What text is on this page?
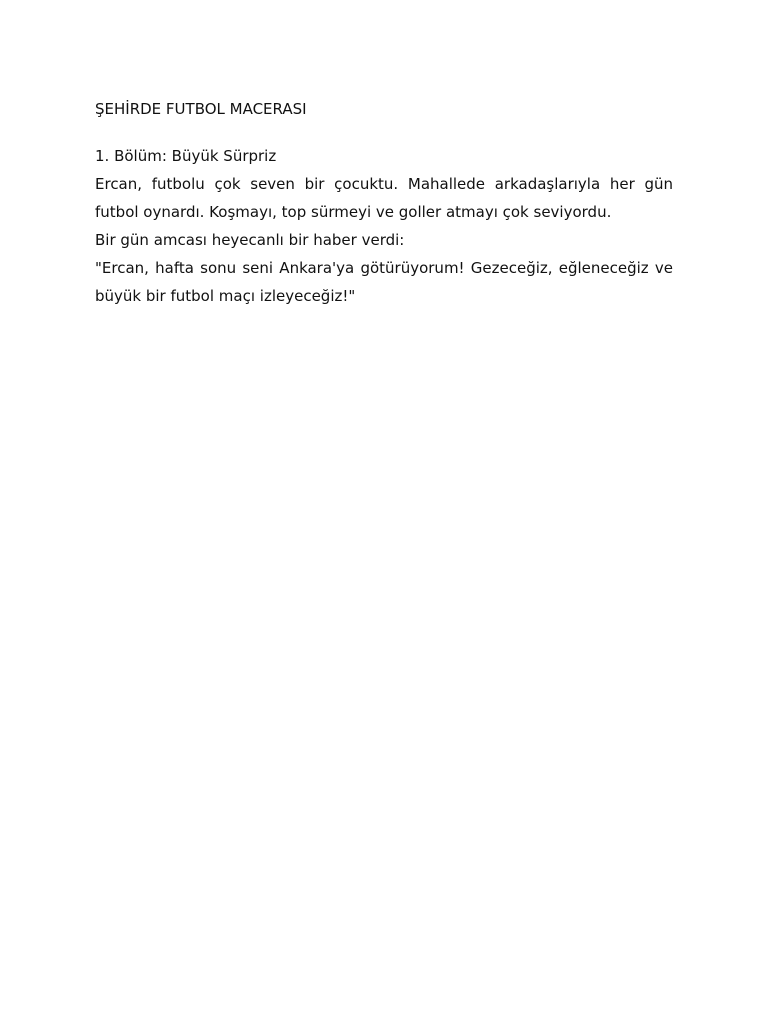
ŞEHİRDE FUTBOL MACERASI

1. Bölüm: Büyük Sürpriz

Ercan, futbolu çok seven bir çocuktu. Mahallede arkadaşlarıyla her gün futbol oynardı. Koşmayı, top sürmeyi ve goller atmayı çok seviyordu.

Bir gün amcası heyecanlı bir haber verdi:

"Ercan, hafta sonu seni Ankara'ya götürüyorum! Gezeceğiz, eğleneceğiz ve büyük bir futbol maçı izleyeceğiz!"
